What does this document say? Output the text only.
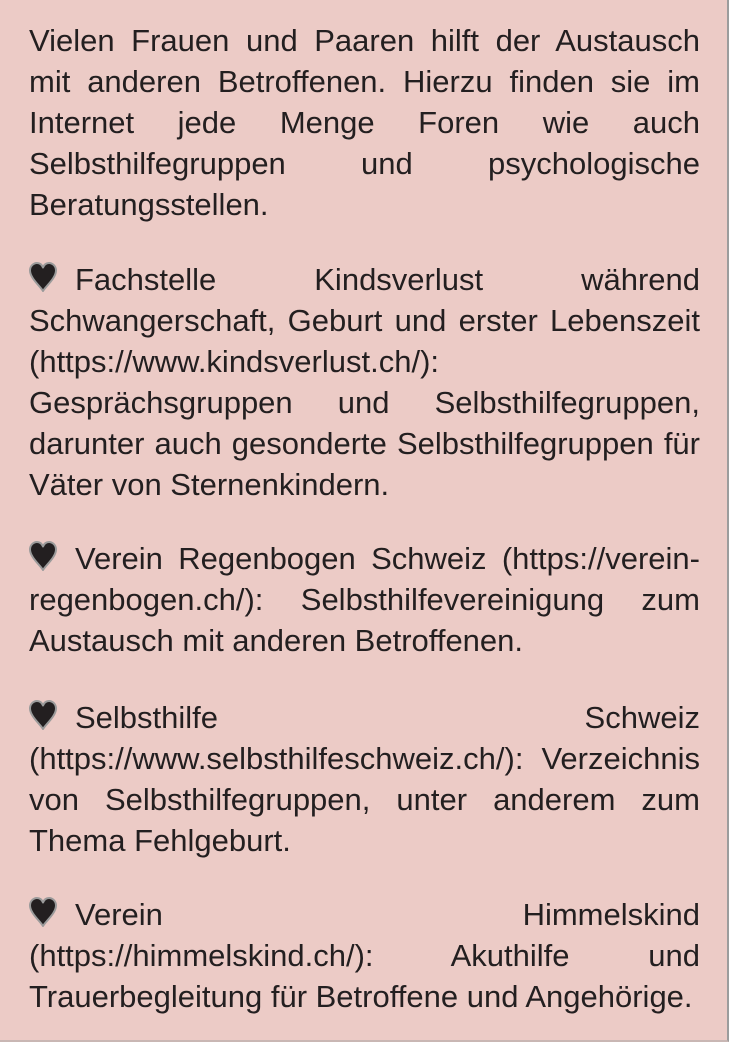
Vielen Frauen und Paaren hilft der Austausch mit anderen Betroffenen. Hierzu finden sie im Internet jede Menge Foren wie auch Selbsthilfegruppen und psychologische Beratungsstellen.

Fachstelle Kindsverlust während Schwangerschaft, Geburt und erster Lebenszeit (https://www.kindsverlust.ch/): Gesprächsgruppen und Selbsthilfegruppen, darunter auch gesonderte Selbsthilfegruppen für Väter von Sternenkindern.

Verein Regenbogen Schweiz (https://verein-regenbogen.ch/): Selbsthilfevereinigung zum Austausch mit anderen Betroffenen.

Selbsthilfe Schweiz (https://www.selbsthilfeschweiz.ch/): Verzeichnis von Selbsthilfegruppen, unter anderem zum Thema Fehlgeburt.

Verein Himmelskind (https://himmelskind.ch/): Akuthilfe und Trauerbegleitung für Betroffene und Angehörige.
